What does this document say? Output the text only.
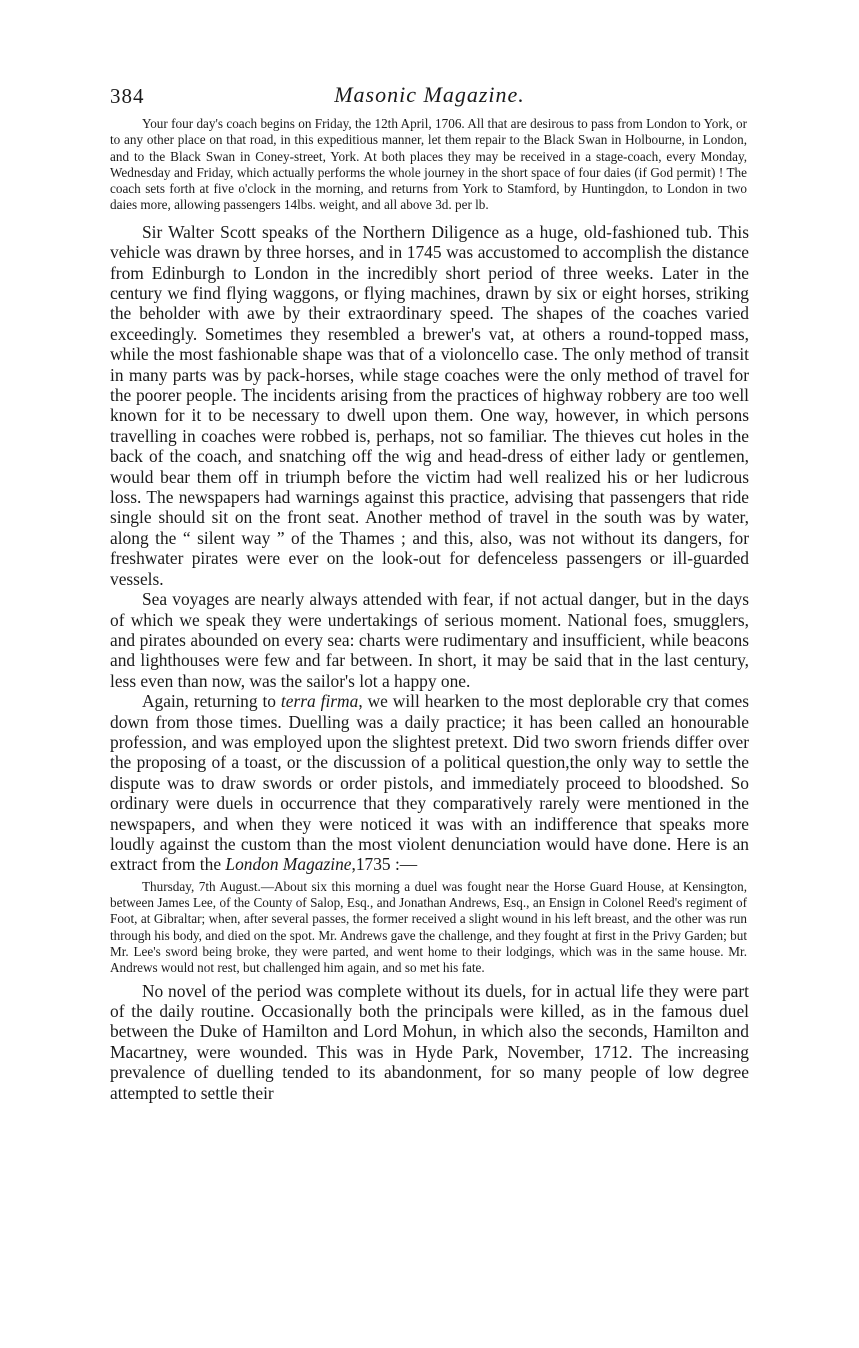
384	Masonic Magazine.

Your four day's coach begins on Friday, the 12th April, 1706. All that are desirous to pass from London to York, or to any other place on that road, in this expeditious manner, let them repair to the Black Swan in Holbourne, in London, and to the Black Swan in Coney-street, York. At both places they may be received in a stage-coach, every Monday, Wednesday and Friday, which actually performs the whole journey in the short space of four daies (if God permit) ! The coach sets forth at five o'clock in the morning, and returns from York to Stamford, by Huntingdon, to London in two daies more, allowing passengers 14lbs. weight, and all above 3d. per lb.

Sir Walter Scott speaks of the Northern Diligence as a huge, old-fashioned tub. This vehicle was drawn by three horses, and in 1745 was accustomed to accomplish the distance from Edinburgh to London in the incredibly short period of three weeks. Later in the century we find flying waggons, or flying machines, drawn by six or eight horses, striking the beholder with awe by their extraordinary speed. The shapes of the coaches varied exceedingly. Sometimes they resembled a brewer's vat, at others a round-topped mass, while the most fashionable shape was that of a violoncello case. The only method of transit in many parts was by pack-horses, while stage coaches were the only method of travel for the poorer people. The incidents arising from the practices of highway robbery are too well known for it to be necessary to dwell upon them. One way, however, in which persons travelling in coaches were robbed is, perhaps, not so familiar. The thieves cut holes in the back of the coach, and snatching off the wig and head-dress of either lady or gentlemen, would bear them off in triumph before the victim had well realized his or her ludicrous loss. The newspapers had warnings against this practice, advising that passengers that ride single should sit on the front seat. Another method of travel in the south was by water, along the “ silent way ” of the Thames ; and this, also, was not without its dangers, for freshwater pirates were ever on the look-out for defenceless passengers or ill-guarded vessels.

Sea voyages are nearly always attended with fear, if not actual danger, but in the days of which we speak they were undertakings of serious moment. National foes, smugglers, and pirates abounded on every sea: charts were rudimentary and insufficient, while beacons and lighthouses were few and far between. In short, it may be said that in the last century, less even than now, was the sailor's lot a happy one.

Again, returning to terra firma, we will hearken to the most deplorable cry that comes down from those times. Duelling was a daily practice; it has been called an honourable profession, and was employed upon the slightest pretext. Did two sworn friends differ over the proposing of a toast, or the discussion of a political question,the only way to settle the dispute was to draw swords or order pistols, and immediately proceed to bloodshed. So ordinary were duels in occurrence that they comparatively rarely were mentioned in the newspapers, and when they were noticed it was with an indifference that speaks more loudly against the custom than the most violent denunciation would have done. Here is an extract from the London Magazine,1735 :—

Thursday, 7th August.—About six this morning a duel was fought near the Horse Guard House, at Kensington, between James Lee, of the County of Salop, Esq., and Jonathan Andrews, Esq., an Ensign in Colonel Reed's regiment of Foot, at Gibraltar; when, after several passes, the former received a slight wound in his left breast, and the other was run through his body, and died on the spot. Mr. Andrews gave the challenge, and they fought at first in the Privy Garden; but Mr. Lee's sword being broke, they were parted, and went home to their lodgings, which was in the same house. Mr. Andrews would not rest, but challenged him again, and so met his fate.

No novel of the period was complete without its duels, for in actual life they were part of the daily routine. Occasionally both the principals were killed, as in the famous duel between the Duke of Hamilton and Lord Mohun, in which also the seconds, Hamilton and Macartney, were wounded. This was in Hyde Park, November, 1712. The increasing prevalence of duelling tended to its abandonment, for so many people of low degree attempted to settle their
